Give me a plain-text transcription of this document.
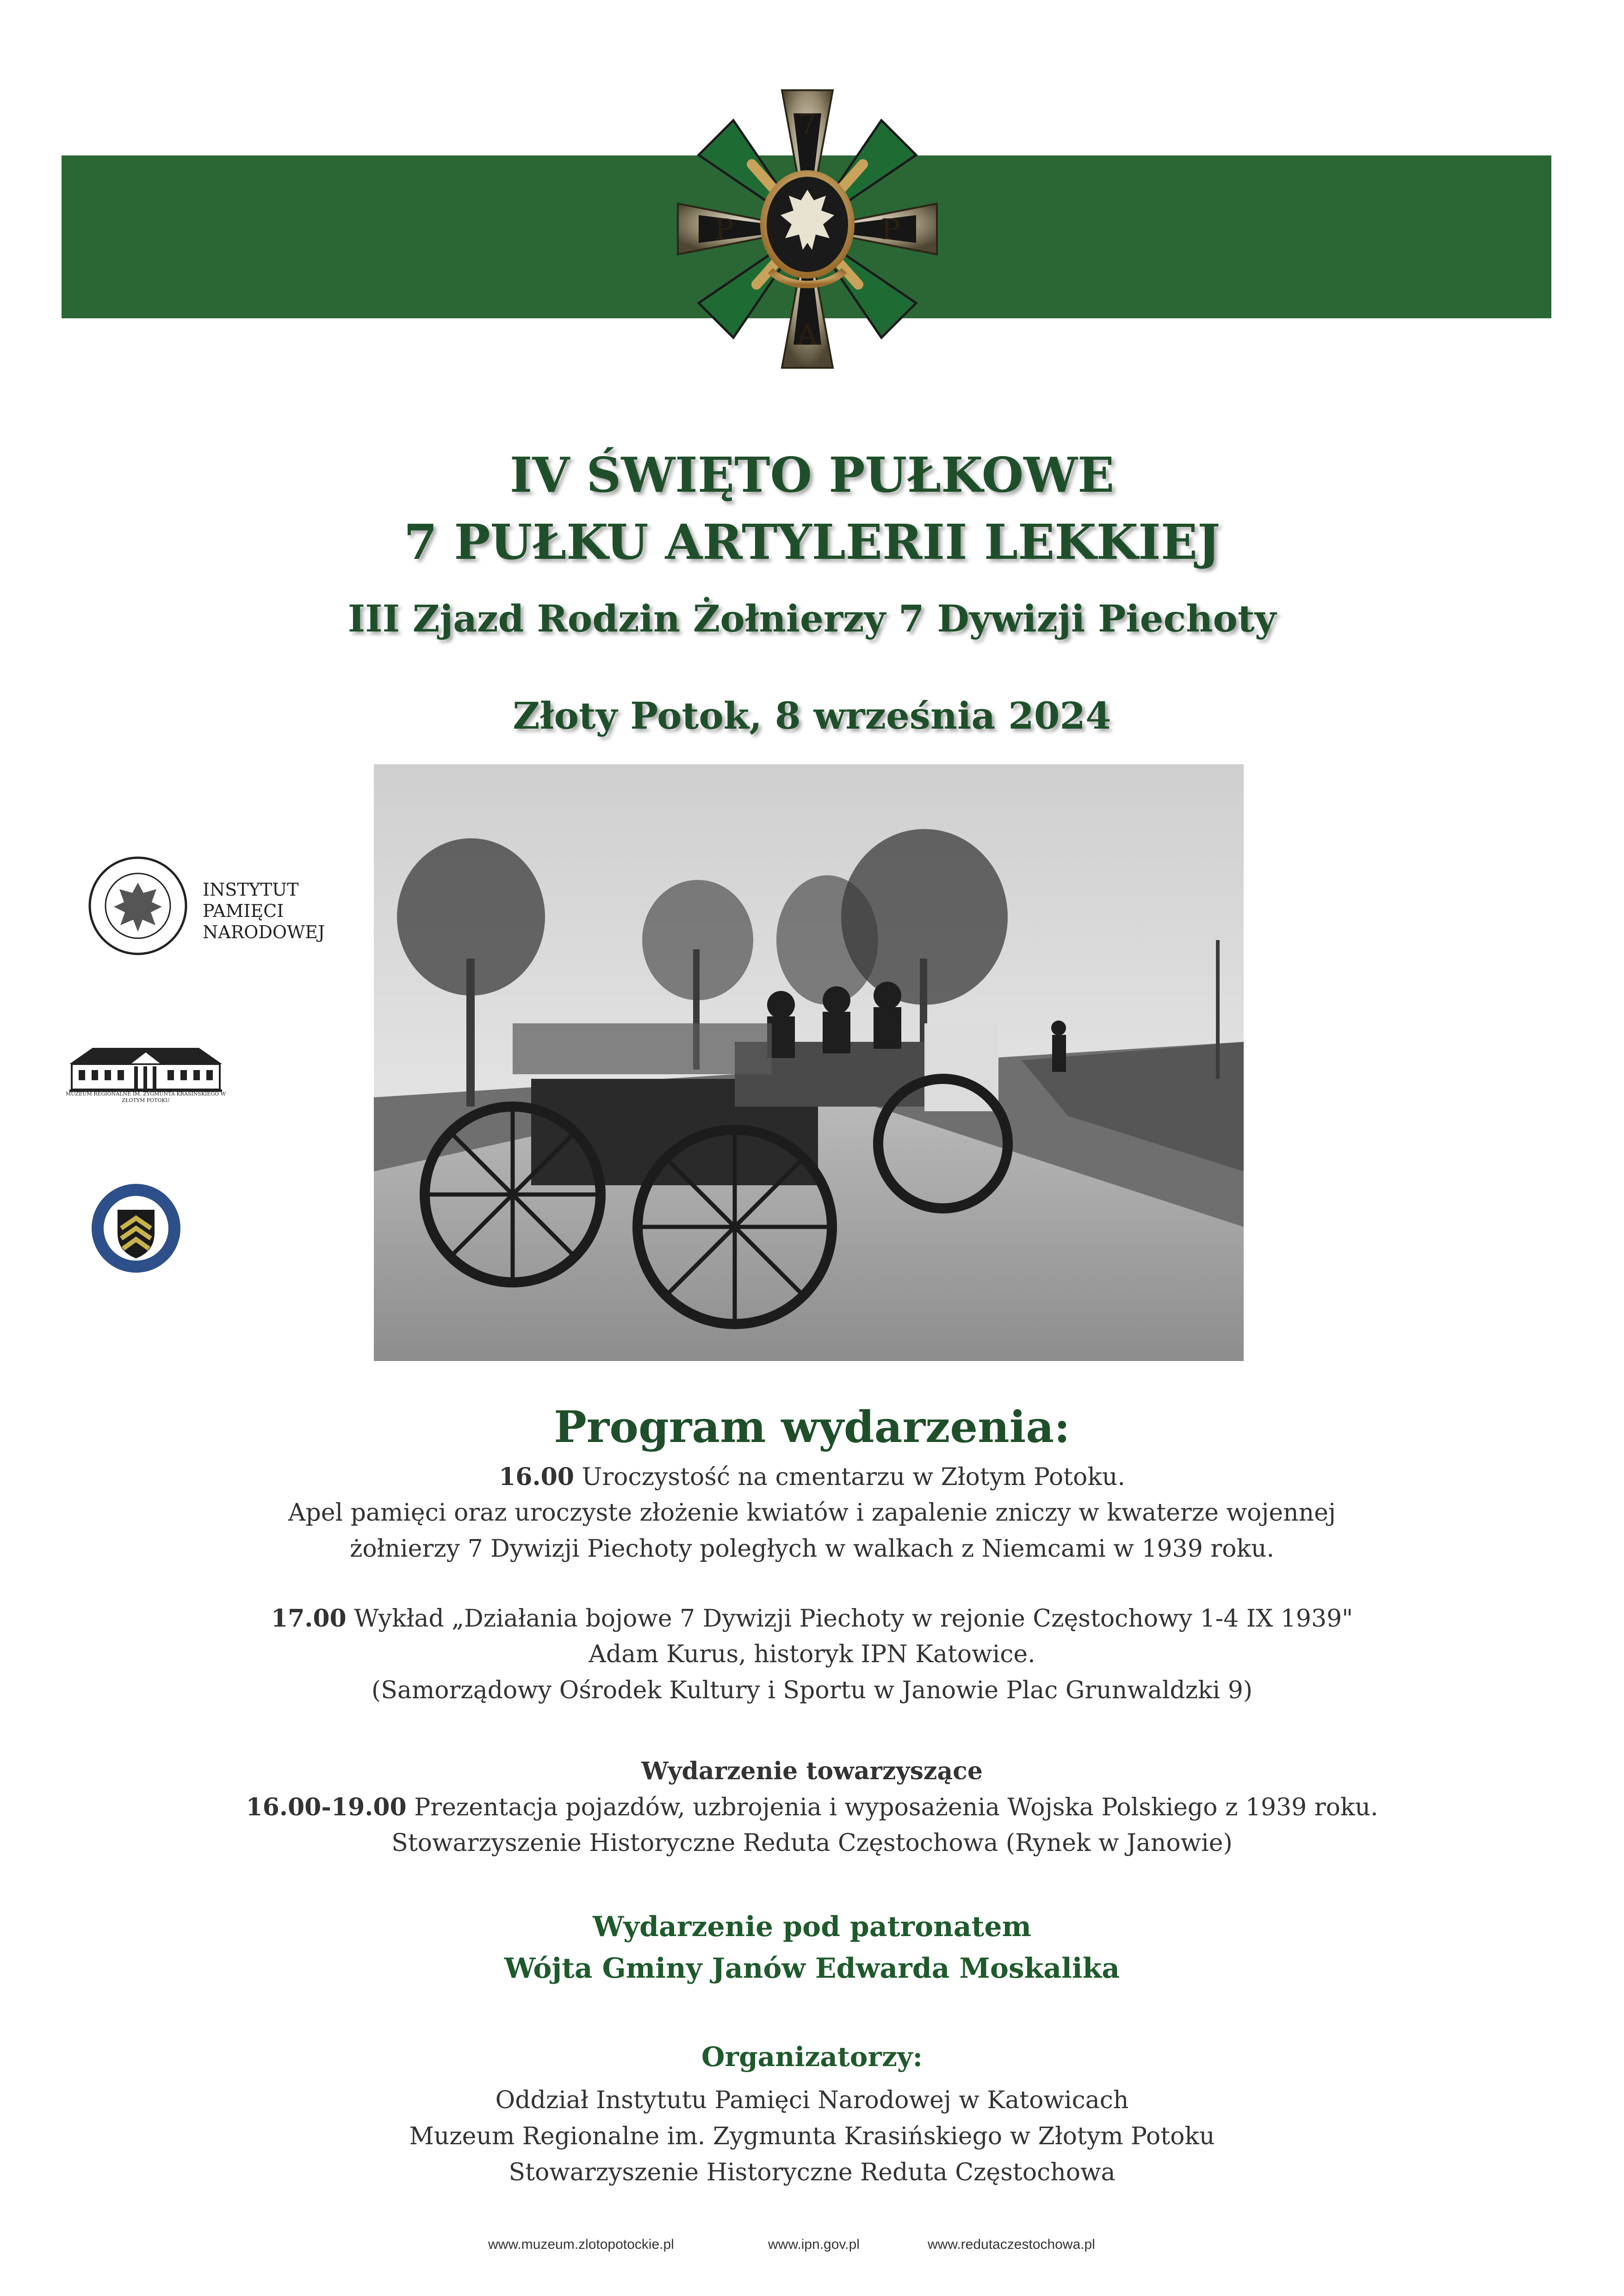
7
P	P
A
IV ŚWIĘTO PUŁKOWE
7 PUŁKU ARTYLERII LEKKIEJ
III Zjazd Rodzin Żołnierzy 7 Dywizji Piechoty
Złoty Potok, 8 września 2024
INSTYTUT
PAMIĘCI
NARODOWEJ
MUZEUM REGIONALNE IM. ZYGMUNTA KRASIŃSKIEGO W ZŁOTYM POTOKU
Program wydarzenia:
16.00 Uroczystość na cmentarzu w Złotym Potoku.
Apel pamięci oraz uroczyste złożenie kwiatów i zapalenie zniczy w kwaterze wojennej
żołnierzy 7 Dywizji Piechoty poległych w walkach z Niemcami w 1939 roku.
17.00 Wykład „Działania bojowe 7 Dywizji Piechoty w rejonie Częstochowy 1-4 IX 1939"
Adam Kurus, historyk IPN Katowice.
(Samorządowy Ośrodek Kultury i Sportu w Janowie Plac Grunwaldzki 9)
Wydarzenie towarzyszące
16.00-19.00 Prezentacja pojazdów, uzbrojenia i wyposażenia Wojska Polskiego z 1939 roku.
Stowarzyszenie Historyczne Reduta Częstochowa (Rynek w Janowie)
Wydarzenie pod patronatem
Wójta Gminy Janów Edwarda Moskalika
Organizatorzy:
Oddział Instytutu Pamięci Narodowej w Katowicach
Muzeum Regionalne im. Zygmunta Krasińskiego w Złotym Potoku
Stowarzyszenie Historyczne Reduta Częstochowa
www.muzeum.zlotopotockie.pl	www.ipn.gov.pl	www.redutaczestochowa.pl
